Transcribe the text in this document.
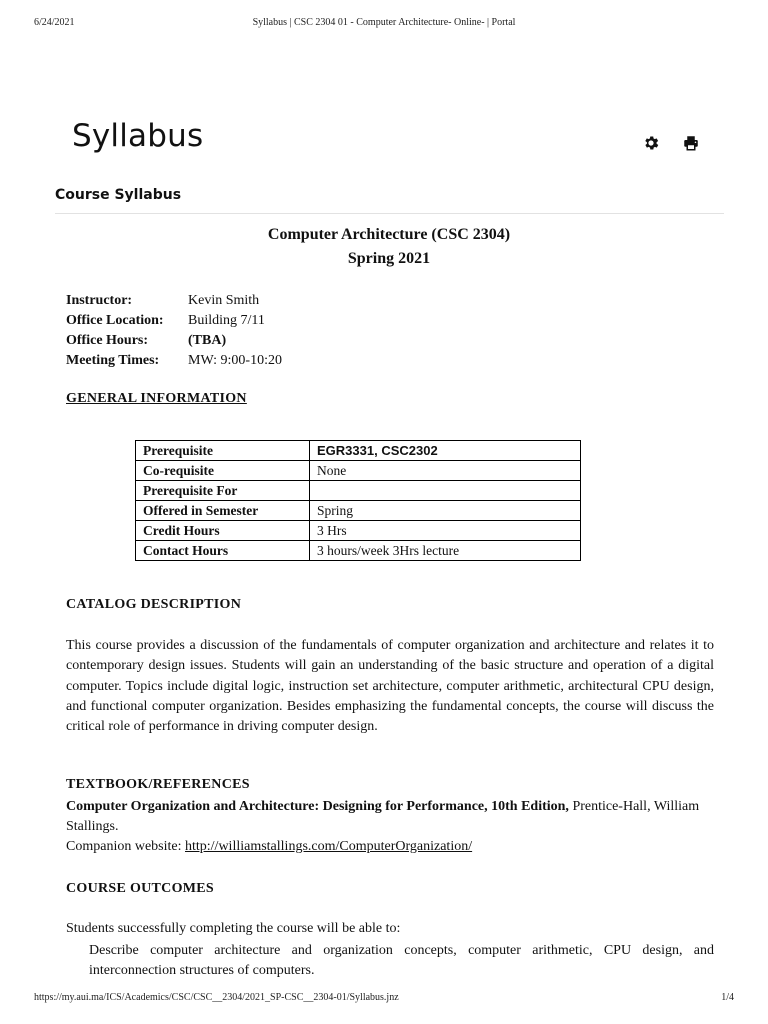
6/24/2021	Syllabus | CSC 2304 01 - Computer Architecture- Online- | Portal
Syllabus
Course Syllabus
Computer Architecture (CSC 2304)
Spring 2021
Instructor:	Kevin Smith
Office Location:	Building 7/11
Office Hours:	(TBA)
Meeting Times:	MW: 9:00-10:20
GENERAL INFORMATION
Prerequisite	EGR3331, CSC2302
Co-requisite	None
Prerequisite For	
Offered in Semester	Spring
Credit Hours	3 Hrs
Contact Hours	3 hours/week 3Hrs lecture
CATALOG DESCRIPTION
This course provides a discussion of the fundamentals of computer organization and architecture and relates it to contemporary design issues. Students will gain an understanding of the basic structure and operation of a digital computer. Topics include digital logic, instruction set architecture, computer arithmetic, architectural CPU design, and functional computer organization. Besides emphasizing the fundamental concepts, the course will discuss the critical role of performance in driving computer design.
TEXTBOOK/REFERENCES
Computer Organization and Architecture: Designing for Performance, 10th Edition, Prentice-Hall, William Stallings.
Companion website: http://williamstallings.com/ComputerOrganization/
COURSE OUTCOMES
Students successfully completing the course will be able to:
Describe computer architecture and organization concepts, computer arithmetic, CPU design, and interconnection structures of computers.
https://my.aui.ma/ICS/Academics/CSC/CSC__2304/2021_SP-CSC__2304-01/Syllabus.jnz	1/4
